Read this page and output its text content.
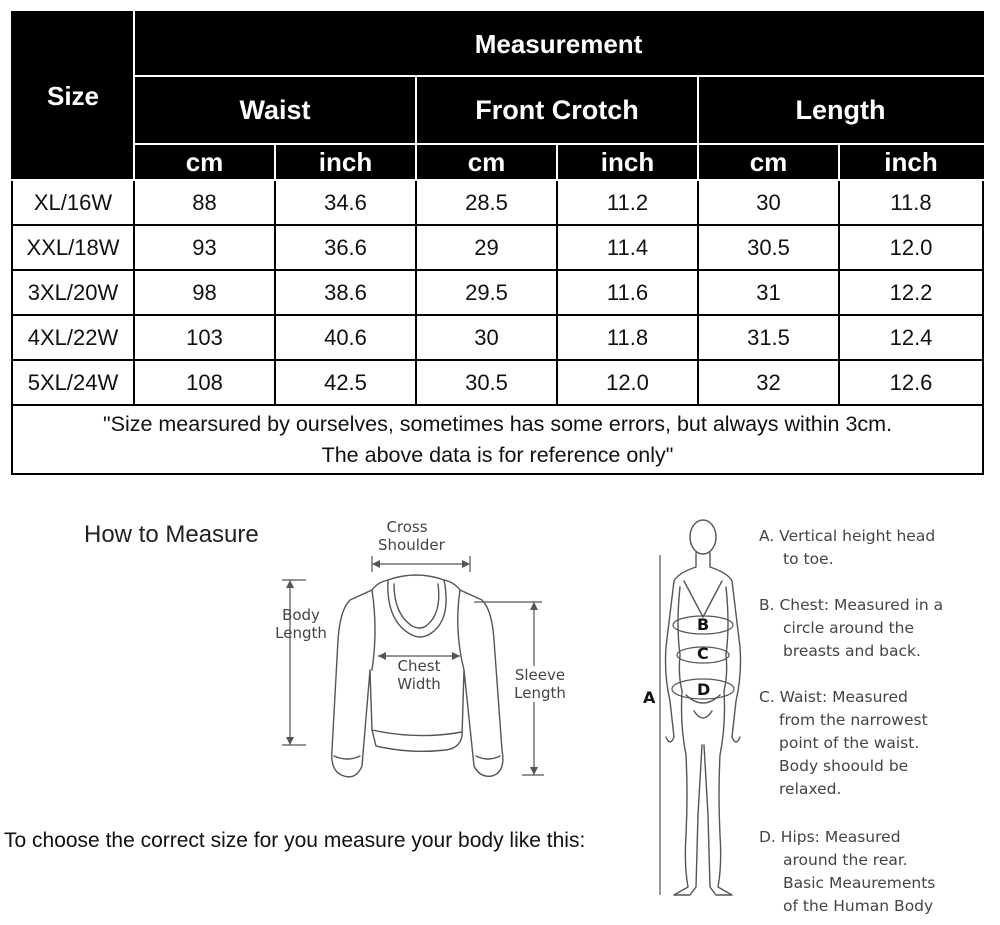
Size	Measurement					
	Waist		Front Crotch		Length	
	cm	inch	cm	inch	cm	inch
XL/16W	88	34.6	28.5	11.2	30	11.8
XXL/18W	93	36.6	29	11.4	30.5	12.0
3XL/20W	98	38.6	29.5	11.6	31	12.2
4XL/22W	103	40.6	30	11.8	31.5	12.4
5XL/24W	108	42.5	30.5	12.0	32	12.6
"Size mearsured by ourselves, sometimes has some errors, but always within 3cm.
The above data is for reference only"						
How to Measure
To choose the correct size for you measure your body like this:
Cross
Shoulder
Body
Length
Chest
Width	Sleeve
Length	A
B
C
D
A. Vertical height head
to toe.
B. Chest: Measured in a
circle around the
breasts and back.
C. Waist: Measured
from the narrowest
point of the waist.
Body shoould be
relaxed.
D. Hips: Measured
around the rear.
Basic Meaurements
of the Human Body
